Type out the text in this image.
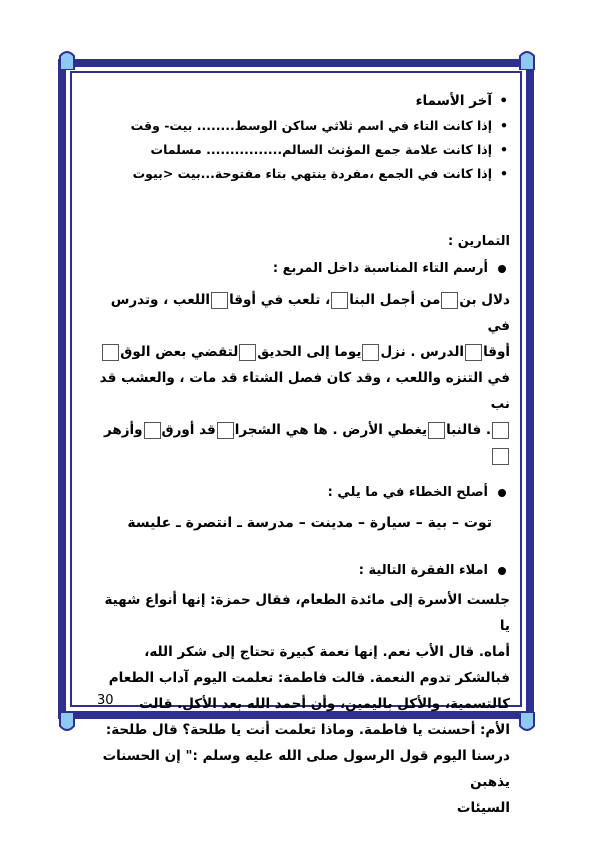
• آخر الأسماء
• إذا كانت التاء في اسم ثلاثي ساكن الوسط........ بيت- وقت
• إذا كانت علامة جمع المؤنث السالم................ مسلمات
• إذا كانت في الجمع ،مفردة ينتهي بتاء مفتوحة...بيت <بيوت
التمارين :
أرسم التاء المناسبة داخل المربع :
دلال بنمن أجمل البنا، تلعب في أوقااللعب ، وتدرس في
أوقاالدرس . نزليوما إلى الحديقلتقضي بعض الوق
في التنزه واللعب ، وقد كان فصل الشتاء قد مات ، والعشب قد نب
. فالنبايغطي الأرض . ها هي الشجراقد أورقوأزهر
أصلح الخطاء في ما يلي :
توت – بية – سيارة – مدينت – مدرسة ـ انتصرة ـ عليسة
املاء الفقرة التالية :
جلست الأسرة إلى مائدة الطعام، فقال حمزة: إنها أنواع شهية يا
أماه. قال الأب نعم. إنها نعمة كبيرة تحتاج إلى شكر الله،
فبالشكر تدوم النعمة. قالت فاطمة: تعلمت اليوم آداب الطعام
كالتسمية، والأكل باليمين، وأن أحمد الله بعد الأكل. قالت
الأم: أحسنت يا فاطمة. وماذا تعلمت أنت يا طلحة؟ قال طلحة:
درسنا اليوم قول الرسول صلى الله عليه وسلم :" إن الحسنات يذهبن
السيئات
30
